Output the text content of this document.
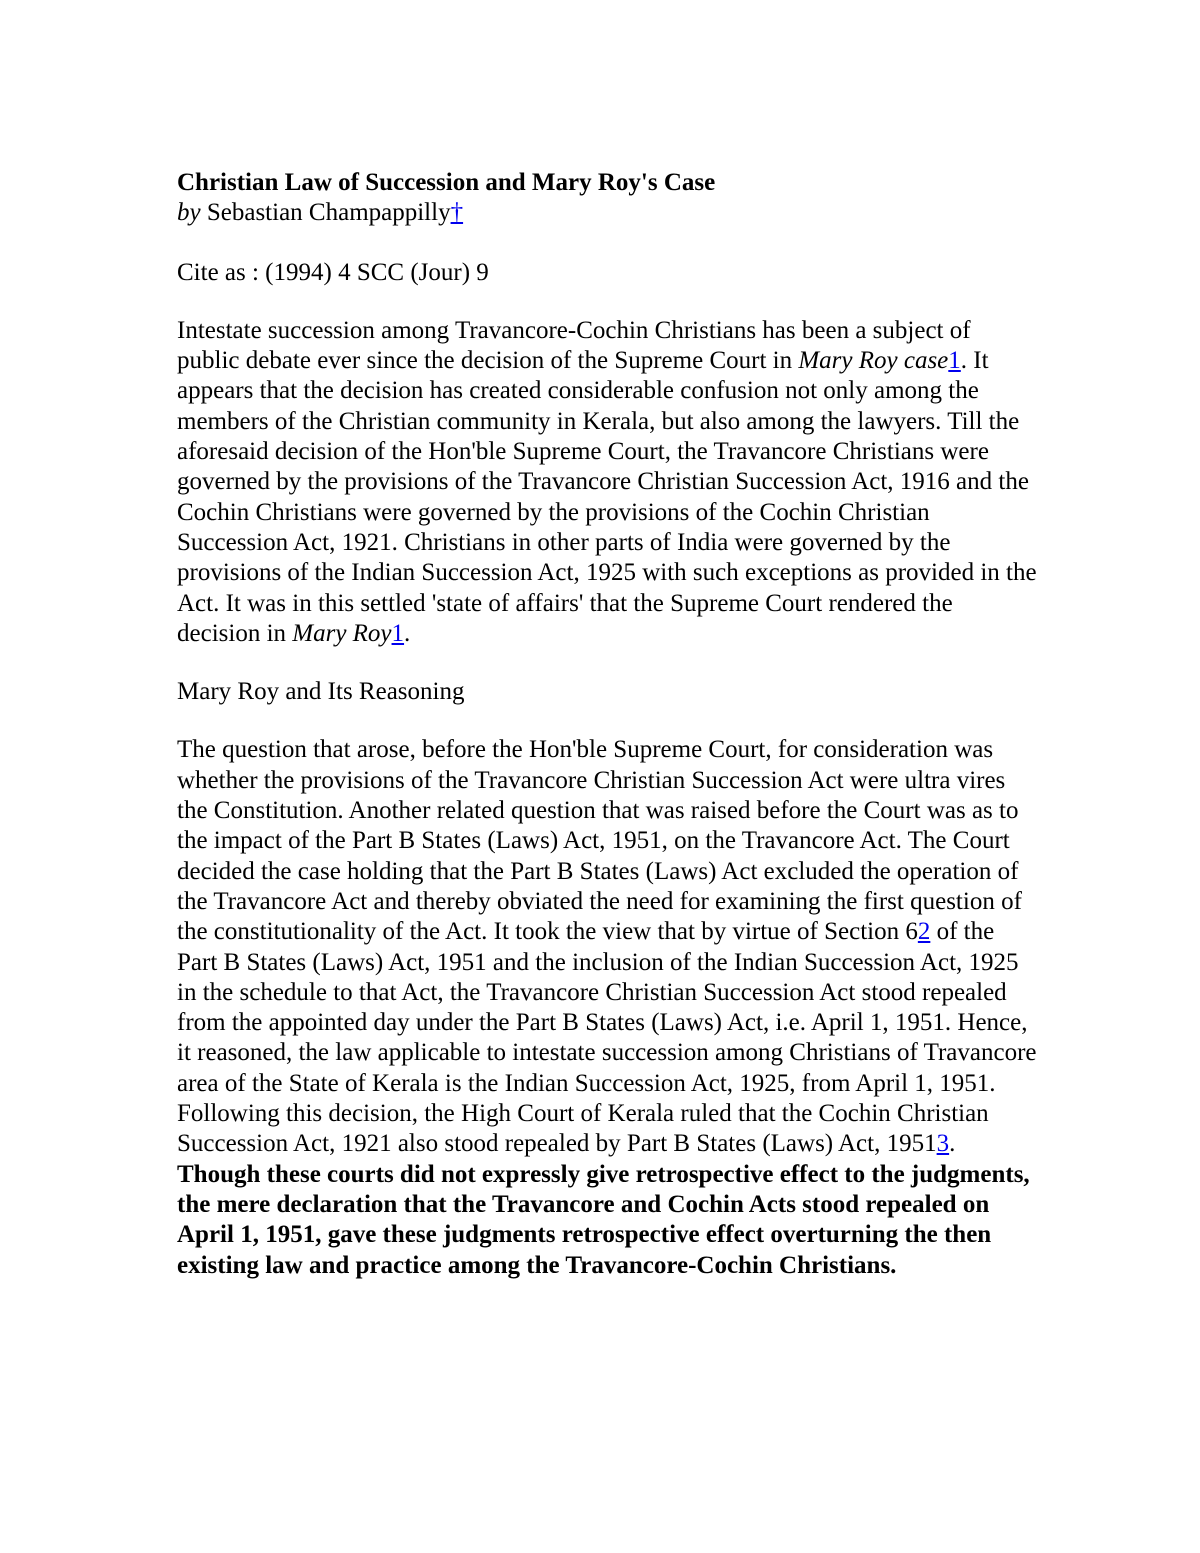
Christian Law of Succession and Mary Roy's Case
by Sebastian Champappilly†
Cite as : (1994) 4 SCC (Jour) 9
Intestate succession among Travancore-Cochin Christians has been a subject of public debate ever since the decision of the Supreme Court in Mary Roy case1. It appears that the decision has created considerable confusion not only among the members of the Christian community in Kerala, but also among the lawyers. Till the aforesaid decision of the Hon'ble Supreme Court, the Travancore Christians were governed by the provisions of the Travancore Christian Succession Act, 1916 and the Cochin Christians were governed by the provisions of the Cochin Christian Succession Act, 1921. Christians in other parts of India were governed by the provisions of the Indian Succession Act, 1925 with such exceptions as provided in the Act. It was in this settled 'state of affairs' that the Supreme Court rendered the decision in Mary Roy1.
Mary Roy and Its Reasoning
The question that arose, before the Hon'ble Supreme Court, for consideration was whether the provisions of the Travancore Christian Succession Act were ultra vires the Constitution. Another related question that was raised before the Court was as to the impact of the Part B States (Laws) Act, 1951, on the Travancore Act. The Court decided the case holding that the Part B States (Laws) Act excluded the operation of the Travancore Act and thereby obviated the need for examining the first question of the constitutionality of the Act. It took the view that by virtue of Section 62 of the Part B States (Laws) Act, 1951 and the inclusion of the Indian Succession Act, 1925 in the schedule to that Act, the Travancore Christian Succession Act stood repealed from the appointed day under the Part B States (Laws) Act, i.e. April 1, 1951. Hence, it reasoned, the law applicable to intestate succession among Christians of Travancore area of the State of Kerala is the Indian Succession Act, 1925, from April 1, 1951. Following this decision, the High Court of Kerala ruled that the Cochin Christian Succession Act, 1921 also stood repealed by Part B States (Laws) Act, 19513. Though these courts did not expressly give retrospective effect to the judgments, the mere declaration that the Travancore and Cochin Acts stood repealed on April 1, 1951, gave these judgments retrospective effect overturning the then existing law and practice among the Travancore-Cochin Christians.
